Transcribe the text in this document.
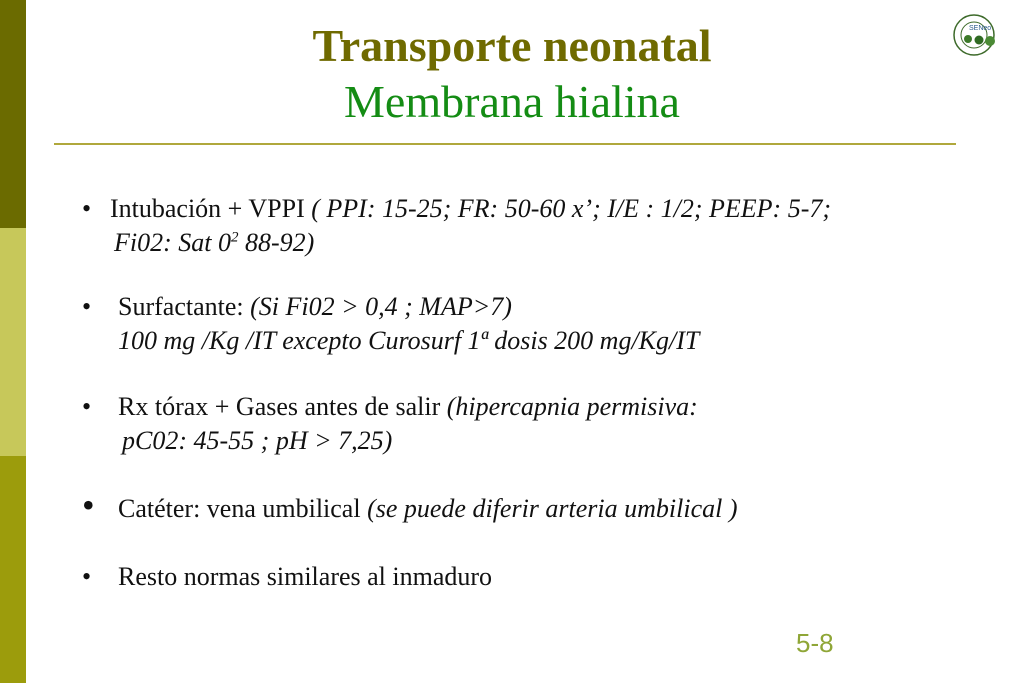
Transporte neonatal
Membrana hialina
SENeo
• Intubación + VPPI ( PPI: 15-25; FR: 50-60 x’; I/E : 1/2; PEEP: 5-7;
Fi02: Sat $0^2$ 88-92)
• Surfactante: (Si Fi02 > 0,4 ; MAP>7)
100 mg /Kg /IT excepto Curosurf 1ª dosis 200 mg/Kg/IT
• Rx tórax + Gases antes de salir (hipercapnia permisiva:
pC02: 45-55 ; pH > 7,25)
• Catéter: vena umbilical (se puede diferir arteria umbilical )
• Resto normas similares al inmaduro
5-8
